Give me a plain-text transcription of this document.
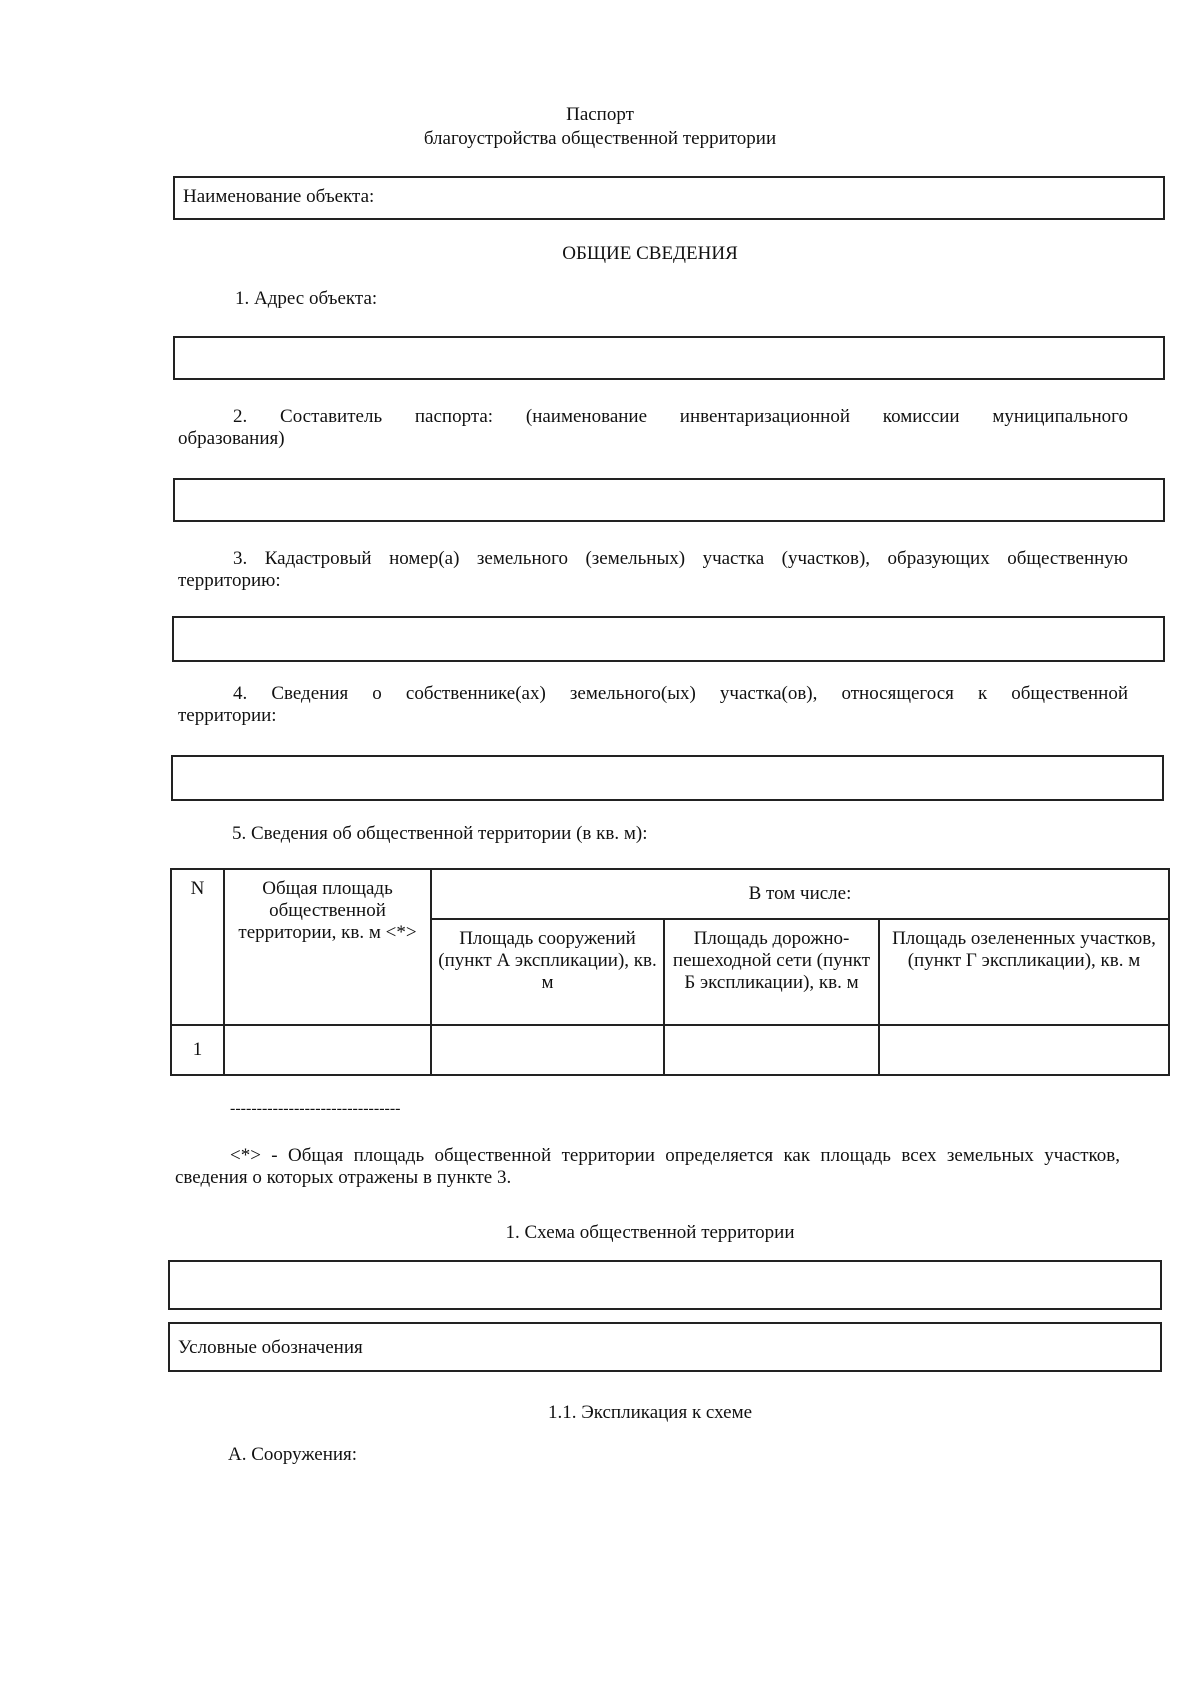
Паспорт
благоустройства общественной территории
Наименование объекта:
ОБЩИЕ СВЕДЕНИЯ
1. Адрес объекта:
2. Составитель паспорта: (наименование инвентаризационной комиссии муниципального
образования)
3. Кадастровый номер(а) земельного (земельных) участка (участков), образующих общественную
территорию:
4. Сведения о собственнике(ах) земельного(ых) участка(ов), относящегося к общественной
территории:
5. Сведения об общественной территории (в кв. м):
N	Общая площадь общественной территории, кв. м <*>	В том числе:		
		Площадь сооружений (пункт А экспликации), кв. м	Площадь дорожно-пешеходной сети (пункт Б экспликации), кв. м	Площадь озелененных участков, (пункт Г экспликации), кв. м
1				
--------------------------------
<*> - Общая площадь общественной территории определяется как площадь всех земельных участков,
сведения о которых отражены в пункте 3.
1. Схема общественной территории
Условные обозначения
1.1. Экспликация к схеме
А. Сооружения:
